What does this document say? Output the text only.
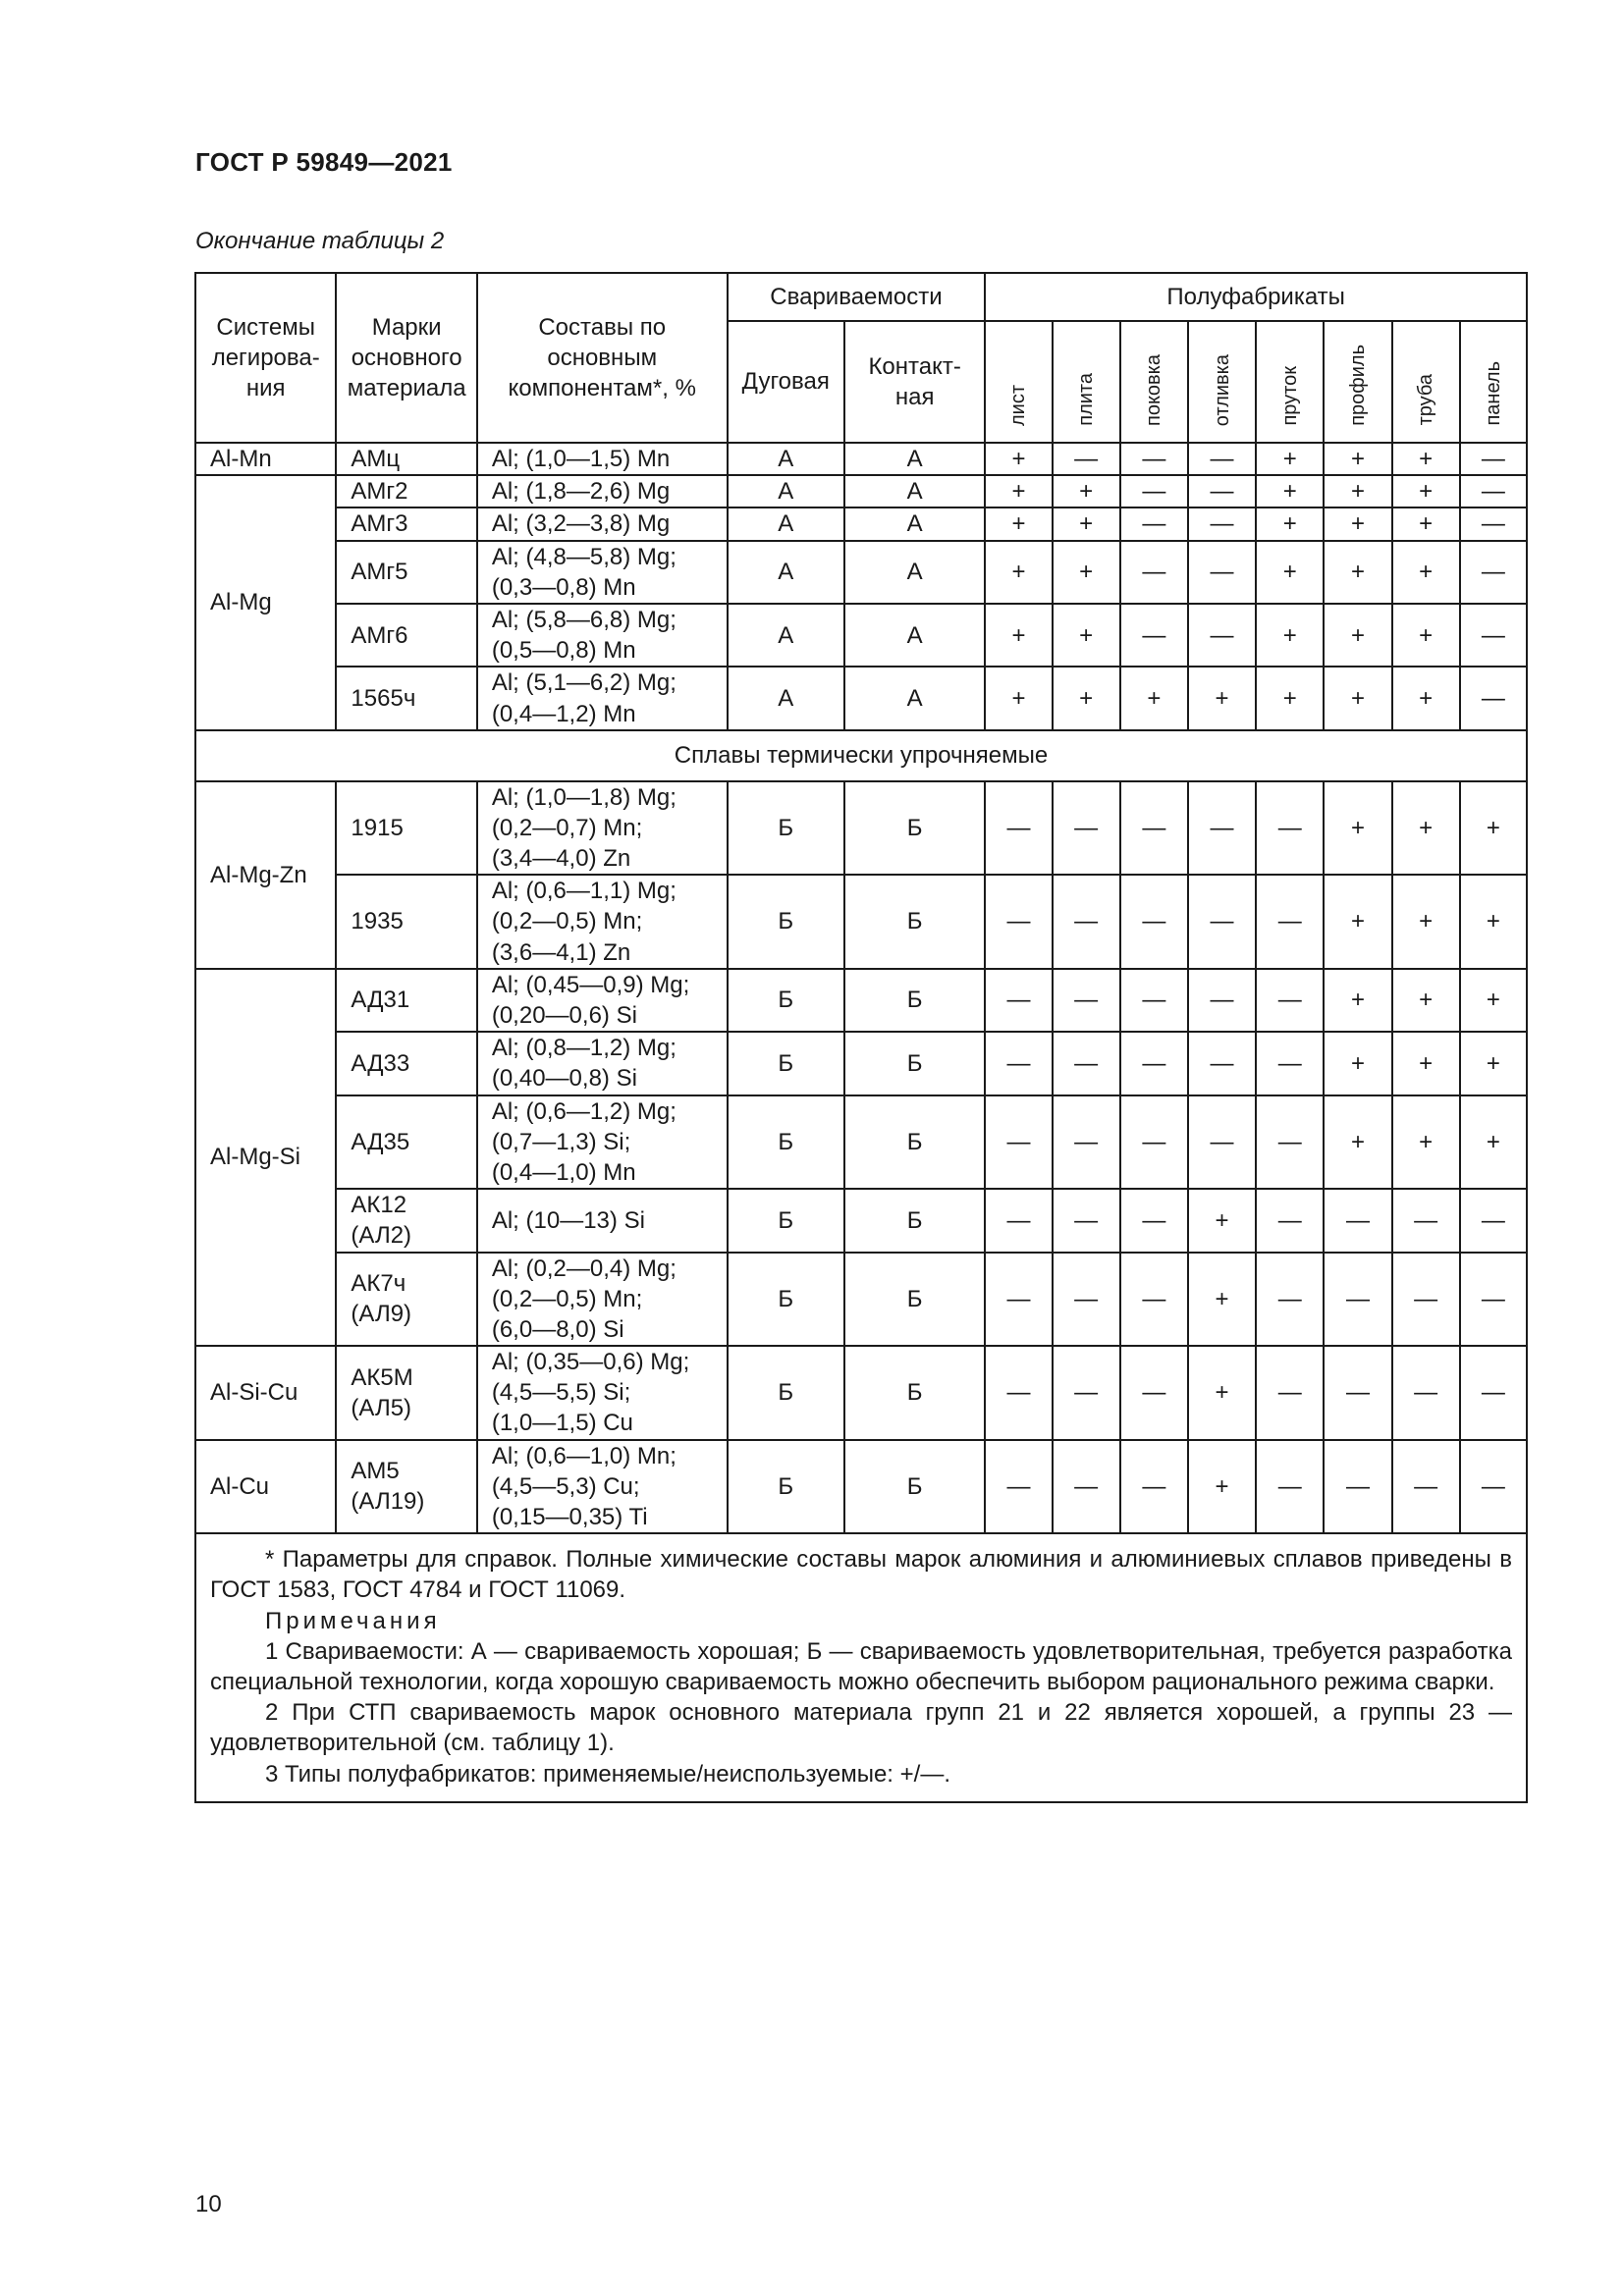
ГОСТ Р 59849—2021
Окончание таблицы 2
Системы легирова-ния	Марки основного материала	Составы по основным компонентам*, %	Свариваемости		Полуфабрикаты							
			Дуговая	Контакт-ная	лист	плита	поковка	отливка	пруток	профиль	труба	панель
Al-Mn	АМц	Al; (1,0—1,5) Mn	А	А	+	—	—	—	+	+	+	—
Al-Mg	АМг2	Al; (1,8—2,6) Mg	А	А	+	+	—	—	+	+	+	—
	АМг3	Al; (3,2—3,8) Mg	А	А	+	+	—	—	+	+	+	—
	АМг5	Al; (4,8—5,8) Mg;
(0,3—0,8) Mn	А	А	+	+	—	—	+	+	+	—
	АМг6	Al; (5,8—6,8) Mg;
(0,5—0,8) Mn	А	А	+	+	—	—	+	+	+	—
	1565ч	Al; (5,1—6,2) Mg;
(0,4—1,2) Mn	А	А	+	+	+	+	+	+	+	—
Сплавы термически упрочняемые												
Al-Mg-Zn	1915	Al; (1,0—1,8) Mg;
(0,2—0,7) Mn;
(3,4—4,0) Zn	Б	Б	—	—	—	—	—	+	+	+
	1935	Al; (0,6—1,1) Mg;
(0,2—0,5) Mn;
(3,6—4,1) Zn	Б	Б	—	—	—	—	—	+	+	+
Al-Mg-Si	АД31	Al; (0,45—0,9) Mg;
(0,20—0,6) Si	Б	Б	—	—	—	—	—	+	+	+
	АД33	Al; (0,8—1,2) Mg;
(0,40—0,8) Si	Б	Б	—	—	—	—	—	+	+	+
	АД35	Al; (0,6—1,2) Mg;
(0,7—1,3) Si;
(0,4—1,0) Mn	Б	Б	—	—	—	—	—	+	+	+
	АК12
(АЛ2)	Al; (10—13) Si	Б	Б	—	—	—	+	—	—	—	—
	АК7ч
(АЛ9)	Al; (0,2—0,4) Mg;
(0,2—0,5) Mn;
(6,0—8,0) Si	Б	Б	—	—	—	+	—	—	—	—
Al-Si-Cu	АК5М
(АЛ5)	Al; (0,35—0,6) Mg;
(4,5—5,5) Si;
(1,0—1,5) Cu	Б	Б	—	—	—	+	—	—	—	—
Al-Cu	АМ5
(АЛ19)	Al; (0,6—1,0) Mn;
(4,5—5,3) Cu;
(0,15—0,35) Ti	Б	Б	—	—	—	+	—	—	—	—

* Параметры для справок. Полные химические составы марок алюминия и алюминиевых сплавов приведены в ГОСТ 1583, ГОСТ 4784 и ГОСТ 11069.

Примечания

1 Свариваемости: А — свариваемость хорошая; Б — свариваемость удовлетворительная, требуется разработка специальной технологии, когда хорошую свариваемость можно обеспечить выбором рационального режима сварки.

2 При СТП свариваемость марок основного материала групп 21 и 22 является хорошей, а группы 23 — удовлетворительной (см. таблицу 1).

3 Типы полуфабрикатов: применяемые/неиспользуемые: +/—.												

10
